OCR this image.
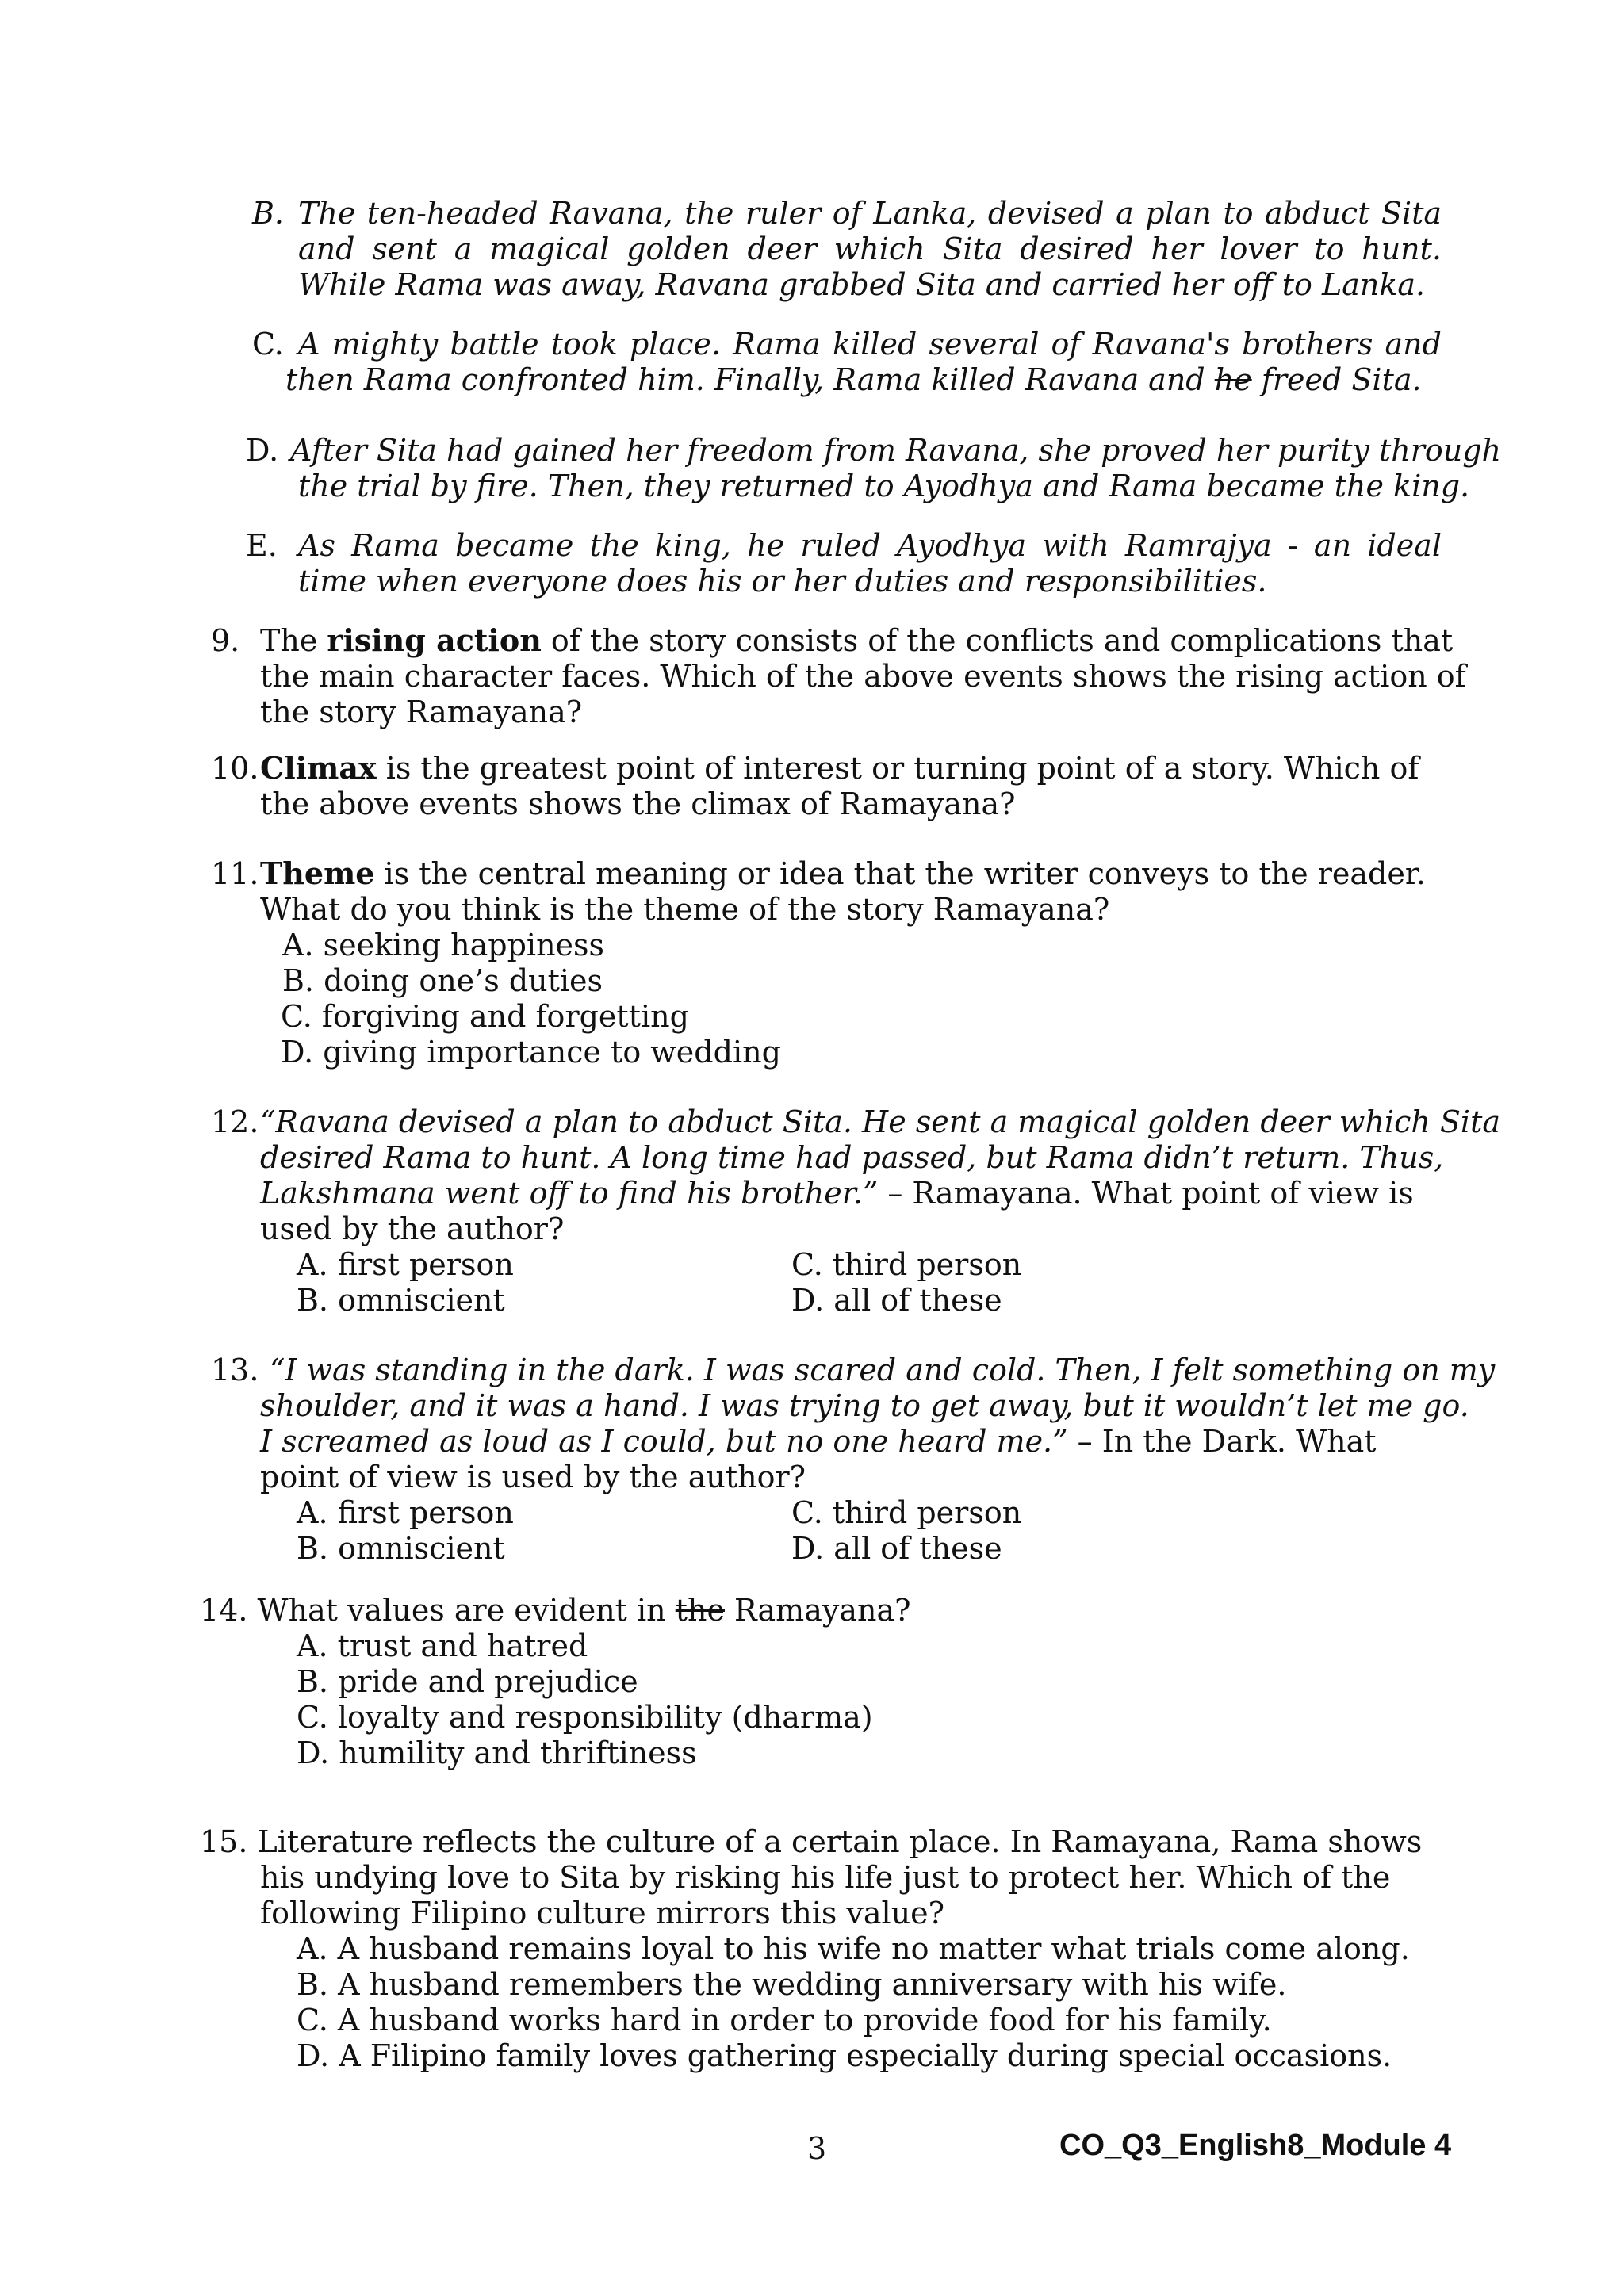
B. The ten-headed Ravana, the ruler of Lanka, devised a plan to abduct Sita
and sent a magical golden deer which Sita desired her lover to hunt.
While Rama was away, Ravana grabbed Sita and carried her off to Lanka.
C. A mighty battle took place. Rama killed several of Ravana's brothers and
then Rama confronted him. Finally, Rama killed Ravana and he freed Sita.
D. After Sita had gained her freedom from Ravana, she proved her purity through
the trial by fire. Then, they returned to Ayodhya and Rama became the king.
E. As Rama became the king, he ruled Ayodhya with Ramrajya - an ideal
time when everyone does his or her duties and responsibilities.
9. The rising action of the story consists of the conflicts and complications that
the main character faces. Which of the above events shows the rising action of
the story Ramayana?
10. Climax is the greatest point of interest or turning point of a story. Which of
the above events shows the climax of Ramayana?
11. Theme is the central meaning or idea that the writer conveys to the reader.
What do you think is the theme of the story Ramayana?
A. seeking happiness
B. doing one’s duties
C. forgiving and forgetting
D. giving importance to wedding
12. “Ravana devised a plan to abduct Sita. He sent a magical golden deer which Sita
desired Rama to hunt. A long time had passed, but Rama didn’t return. Thus,
Lakshmana went off to find his brother.” – Ramayana. What point of view is
used by the author?
A. first person	C. third person
B. omniscient	D. all of these
13. “I was standing in the dark. I was scared and cold. Then, I felt something on my
shoulder, and it was a hand. I was trying to get away, but it wouldn’t let me go.
I screamed as loud as I could, but no one heard me.” – In the Dark. What
point of view is used by the author?
A. first person	C. third person
B. omniscient	D. all of these
14. What values are evident in the Ramayana?
A. trust and hatred
B. pride and prejudice
C. loyalty and responsibility (dharma)
D. humility and thriftiness
15. Literature reflects the culture of a certain place. In Ramayana, Rama shows
his undying love to Sita by risking his life just to protect her. Which of the
following Filipino culture mirrors this value?
A. A husband remains loyal to his wife no matter what trials come along.
B. A husband remembers the wedding anniversary with his wife.
C. A husband works hard in order to provide food for his family.
D. A Filipino family loves gathering especially during special occasions.
3	CO_Q3_English8_Module 4
